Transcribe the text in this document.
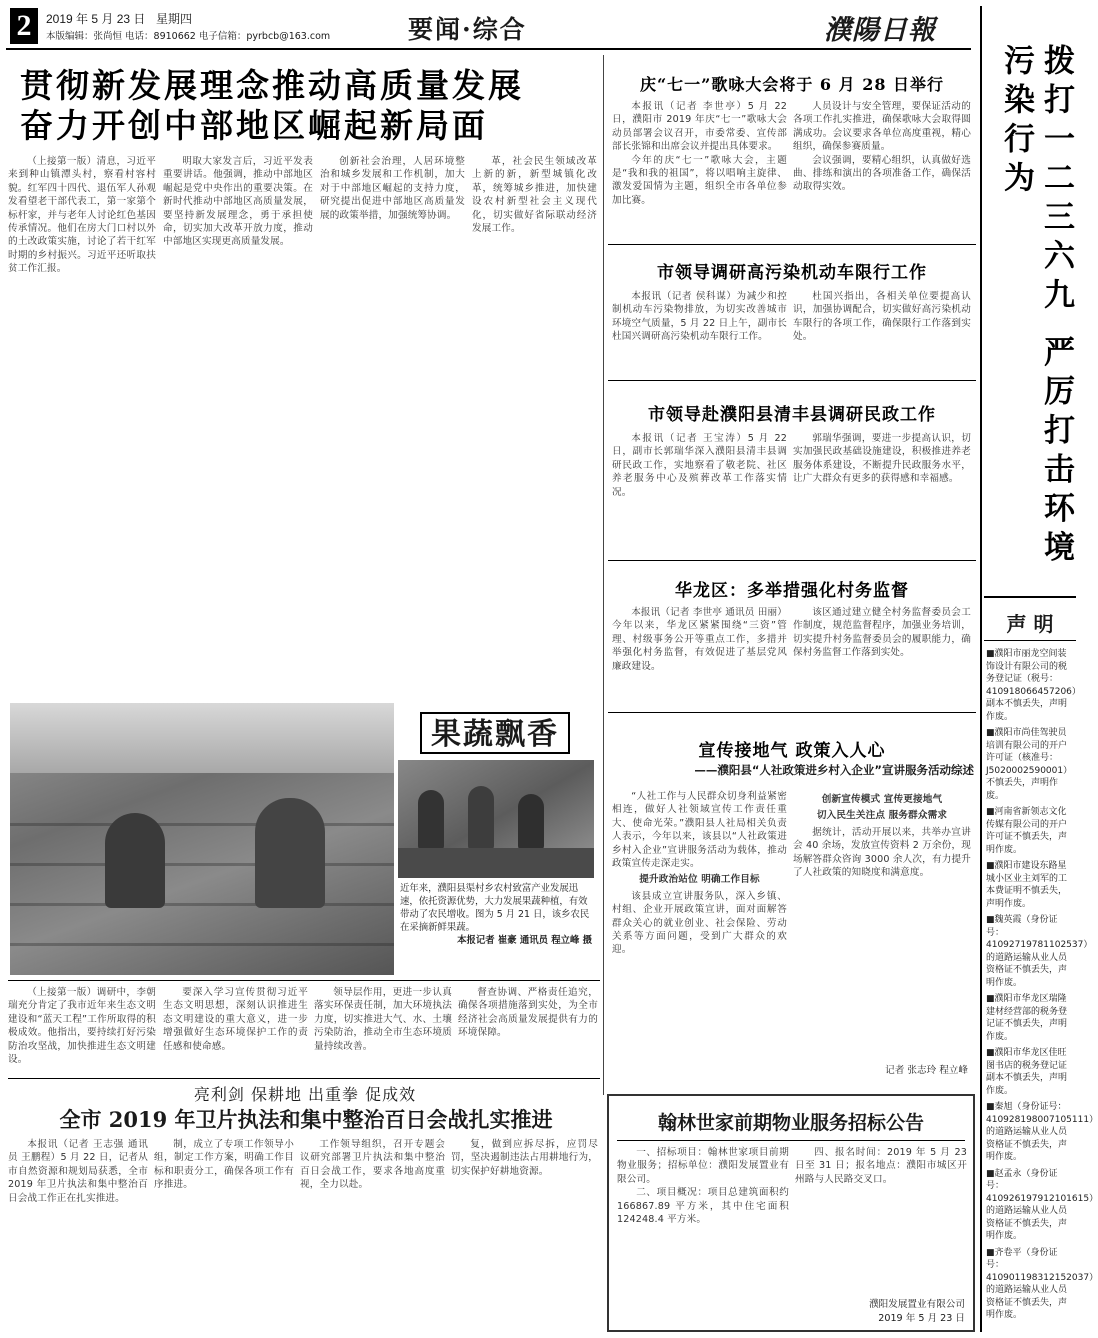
2	2019 年 5 月 23 日 星期四
本版编辑：张尚恒 电话：8910662 电子信箱：pyrbcb@163.com	要闻·综合	濮陽日報
贯彻新发展理念推动高质量发展
奋力开创中部地区崛起新局面

（上接第一版）清息，习近平来到种山镇潭头村，察看村容村貌。红军四十四代、退伍军人孙观发看望老干部代表工，第一家第个标杆家，并与老年人讨论红色基因传承情况。他们在房大门口村以外的土改政策实施，讨论了若干红军时期的乡村振兴。习近平还听取扶贫工作汇报。

明取大家发言后，习近平发表重要讲话。他强调，推动中部地区崛起是党中央作出的重要决策。在新时代推动中部地区高质量发展，要坚持新发展理念，勇于承担使命，切实加大改革开放力度，推动中部地区实现更高质量发展。

创新社会治理，人居环境整治和城乡发展和工作机制，加大对于中部地区崛起的支持力度，研究提出促进中部地区高质量发展的政策举措，加强统筹协调。

革，社会民生领域改革上新的新，新型城镇化改革，统筹城乡推进，加快建设农村新型社会主义现代化，切实做好省际联动经济发展工作。

庆“七一”歌咏大会将于 6 月 28 日举行

本报讯（记者 李世亭）5 月 22 日，濮阳市 2019 年庆“七一”歌咏大会动员部署会议召开，市委常委、宣传部部长张锦和出席会议并提出具体要求。

今年的庆“七一”歌咏大会，主题是“我和我的祖国”，将以唱响主旋律、激发爱国情为主题，组织全市各单位参加比赛。

人员设计与安全管理，要保证活动的各项工作扎实推进，确保歌咏大会取得圆满成功。会议要求各单位高度重视，精心组织，确保参赛质量。

会议强调，要精心组织，认真做好选曲、排练和演出的各项准备工作，确保活动取得实效。

市领导调研高污染机动车限行工作

本报讯（记者 侯科谋）为减少和控制机动车污染物排放，为切实改善城市环境空气质量，5 月 22 日上午，副市长杜国兴调研高污染机动车限行工作。

杜国兴指出，各相关单位要提高认识，加强协调配合，切实做好高污染机动车限行的各项工作，确保限行工作落到实处。

市领导赴濮阳县清丰县调研民政工作

本报讯（记者 王宝涛）5 月 22 日，副市长郭瑞华深入濮阳县清丰县调研民政工作，实地察看了敬老院、社区养老服务中心及殡葬改革工作落实情况。

郭瑞华强调，要进一步提高认识，切实加强民政基础设施建设，积极推进养老服务体系建设，不断提升民政服务水平，让广大群众有更多的获得感和幸福感。

华龙区：多举措强化村务监督

本报讯（记者 李世亭 通讯员 田丽）今年以来，华龙区紧紧围绕“三资”管理、村级事务公开等重点工作，多措并举强化村务监督，有效促进了基层党风廉政建设。

该区通过建立健全村务监督委员会工作制度，规范监督程序，加强业务培训，切实提升村务监督委员会的履职能力，确保村务监督工作落到实处。

果蔬飘香
近年来，濮阳县渠村乡农村致富产业发展迅速，依托资源优势，大力发展果蔬种植，有效带动了农民增收。图为 5 月 21 日，该乡农民在采摘新鲜果蔬。
本报记者 崔豪 通讯员 程立峰 摄

（上接第一版）调研中，李朝瑞充分肯定了我市近年来生态文明建设和“蓝天工程”工作所取得的积极成效。他指出，要持续打好污染防治攻坚战，加快推进生态文明建设。

要深入学习宣传贯彻习近平生态文明思想，深刻认识推进生态文明建设的重大意义，进一步增强做好生态环境保护工作的责任感和使命感。

领导层作用，更进一步认真落实环保责任制，加大环境执法力度，切实推进大气、水、土壤污染防治，推动全市生态环境质量持续改善。

督查协调、严格责任追究，确保各项措施落到实处，为全市经济社会高质量发展提供有力的环境保障。

宣传接地气 政策入人心
——濮阳县“人社政策进乡村入企业”宣讲服务活动综述

“人社工作与人民群众切身利益紧密相连，做好人社领域宣传工作责任重大、使命光荣。”濮阳县人社局相关负责人表示，今年以来，该县以“人社政策进乡村入企业”宣讲服务活动为载体，推动政策宣传走深走实。

提升政治站位 明确工作目标

该县成立宣讲服务队，深入乡镇、村组、企业开展政策宣讲，面对面解答群众关心的就业创业、社会保险、劳动关系等方面问题，受到广大群众的欢迎。

创新宣传模式 宣传更接地气
切入民生关注点 服务群众需求

据统计，活动开展以来，共举办宣讲会 40 余场，发放宣传资料 2 万余份，现场解答群众咨询 3000 余人次，有力提升了人社政策的知晓度和满意度。

记者 张志玲 程立峰
亮利剑 保耕地 出重拳 促成效
全市 2019 年卫片执法和集中整治百日会战扎实推进

本报讯（记者 王志强 通讯员 王鹏程）5 月 22 日，记者从市自然资源和规划局获悉，全市 2019 年卫片执法和集中整治百日会战工作正在扎实推进。

制，成立了专项工作领导小组，制定工作方案，明确工作目标和职责分工，确保各项工作有序推进。

工作领导组织，召开专题会议研究部署卫片执法和集中整治百日会战工作，要求各地高度重视，全力以赴。

复，做到应拆尽拆，应罚尽罚，坚决遏制违法占用耕地行为，切实保护好耕地资源。

翰林世家前期物业服务招标公告

一、招标项目：翰林世家项目前期物业服务；招标单位：濮阳发展置业有限公司。

二、项目概况：项目总建筑面积约 166867.89 平方米，其中住宅面积 124248.4 平方米。

四、报名时间：2019 年 5 月 23 日至 31 日；报名地点：濮阳市城区开州路与人民路交叉口。

濮阳发展置业有限公司
2019 年 5 月 23 日
拨打一二三六九 严厉打击环境污染行为
声 明
■濮阳市丽龙空间装饰设计有限公司的税务登记证（税号：410918066457206）副本不慎丢失，声明作废。
■濮阳市尚佳驾驶员培训有限公司的开户许可证（核准号：J5020002590001）不慎丢失，声明作废。
■河南省新领志文化传媒有限公司的开户许可证不慎丢失，声明作废。
■濮阳市建设东路星城小区业主刘军的工本费证明不慎丢失，声明作废。
■魏英霞（身份证号：41092719781102537）的道路运输从业人员资格证不慎丢失，声明作废。
■濮阳市华龙区瑞隆建材经营部的税务登记证不慎丢失，声明作废。
■濮阳市华龙区佳旺图书店的税务登记证副本不慎丢失，声明作废。
■秦旭（身份证号：410928198007105111）的道路运输从业人员资格证不慎丢失，声明作废。
■赵孟永（身份证号：410926197912101615）的道路运输从业人员资格证不慎丢失，声明作废。
■齐卷平（身份证号：410901198312152037）的道路运输从业人员资格证不慎丢失，声明作废。
